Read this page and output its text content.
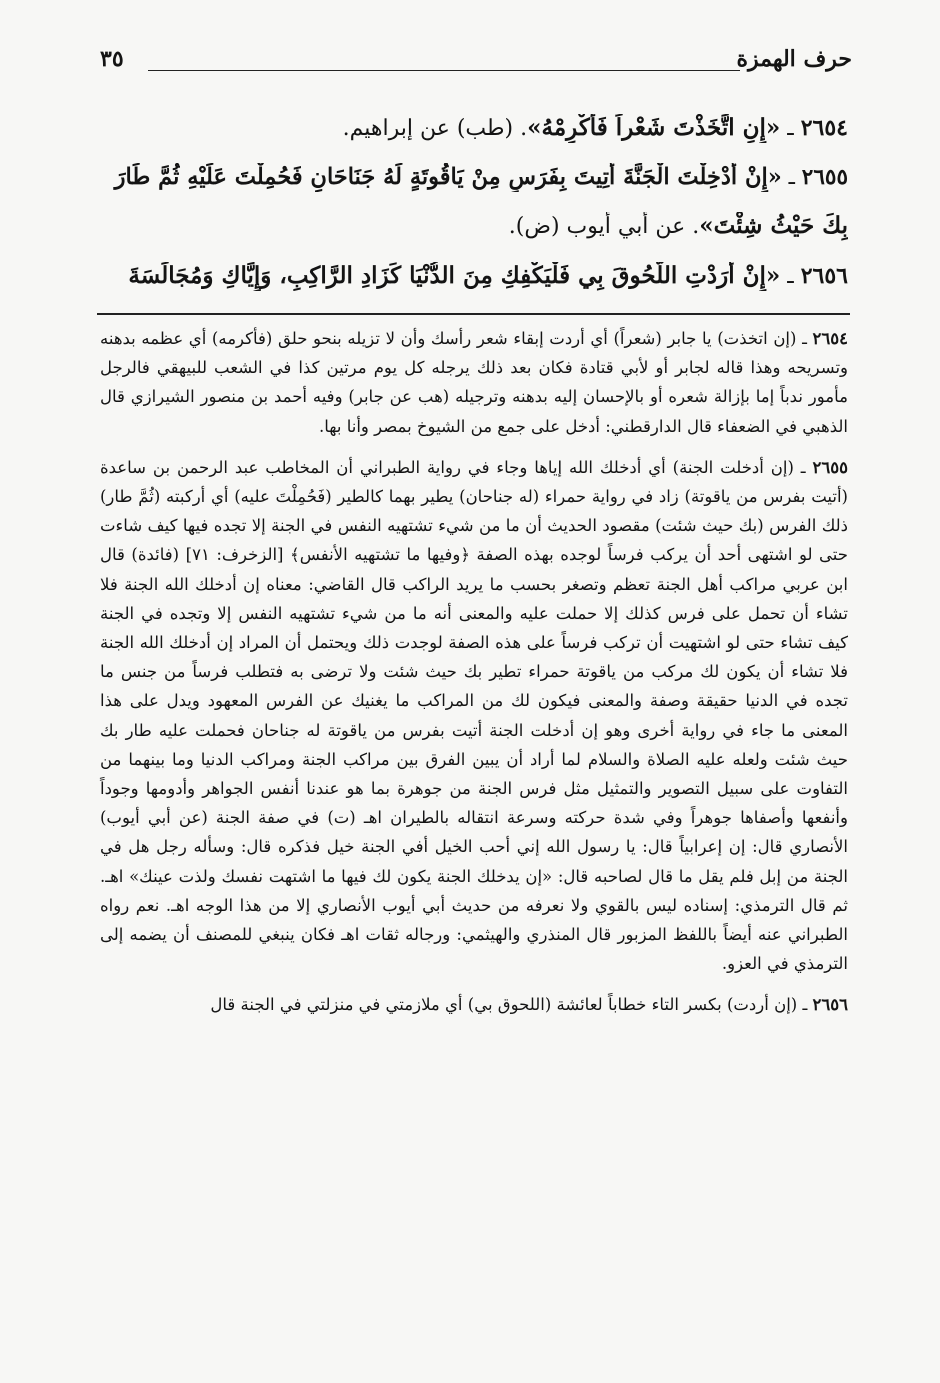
حرف الهمزة
٣٥
٢٦٥٤ ـ «إِنِ اتَّخَذْتَ شَعْراً فَأَكْرِمْهُ». (طب) عن إبراهيم.
٢٦٥٥ ـ «إِنْ أُدْخِلْتَ الْجَنَّةَ أُتِيتَ بِفَرَسٍ مِنْ يَاقُوتَةٍ لَهُ جَنَاحَانِ فَحُمِلْتَ عَلَيْهِ ثُمَّ طَارَ
بِكَ حَيْثُ شِئْتَ». عن أبي أيوب (ض).
٢٦٥٦ ـ «إِنْ أَرَدْتِ اللُّحُوقَ بِي فَلْيَكْفِكِ مِنَ الدُّنْيَا كَزَادِ الرَّاكِبِ، وَإِيَّاكِ وَمُجَالَسَةَ

٢٦٥٤ ـ (إن اتخذت) يا جابر (شعراً) أي أردت إبقاء شعر رأسك وأن لا تزيله بنحو حلق (فأكرمه) أي عظمه بدهنه وتسريحه وهذا قاله لجابر أو لأبي قتادة فكان بعد ذلك يرجله كل يوم مرتين كذا في الشعب للبيهقي فالرجل مأمور ندباً إما بإزالة شعره أو بالإحسان إليه بدهنه وترجيله (هب عن جابر) وفيه أحمد بن منصور الشيرازي قال الذهبي في الضعفاء قال الدارقطني: أدخل على جمع من الشيوخ بمصر وأنا بها.

٢٦٥٥ ـ (إن أدخلت الجنة) أي أدخلك الله إياها وجاء في رواية الطبراني أن المخاطب عبد الرحمن بن ساعدة (أتيت بفرس من ياقوتة) زاد في رواية حمراء (له جناحان) يطير بهما كالطير (فَحُمِلْتَ عليه) أي أركبته (ثُمَّ طار) ذلك الفرس (بك حيث شئت) مقصود الحديث أن ما من شيء تشتهيه النفس في الجنة إلا تجده فيها كيف شاءت حتى لو اشتهى أحد أن يركب فرساً لوجده بهذه الصفة ﴿وفيها ما تشتهيه الأنفس﴾ [الزخرف: ٧١] (فائدة) قال ابن عربي مراكب أهل الجنة تعظم وتصغر بحسب ما يريد الراكب قال القاضي: معناه إن أدخلك الله الجنة فلا تشاء أن تحمل على فرس كذلك إلا حملت عليه والمعنى أنه ما من شيء تشتهيه النفس إلا وتجده في الجنة كيف تشاء حتى لو اشتهيت أن تركب فرساً على هذه الصفة لوجدت ذلك ويحتمل أن المراد إن أدخلك الله الجنة فلا تشاء أن يكون لك مركب من ياقوتة حمراء تطير بك حيث شئت ولا ترضى به فتطلب فرساً من جنس ما تجده في الدنيا حقيقة وصفة والمعنى فيكون لك من المراكب ما يغنيك عن الفرس المعهود ويدل على هذا المعنى ما جاء في رواية أخرى وهو إن أدخلت الجنة أتيت بفرس من ياقوتة له جناحان فحملت عليه طار بك حيث شئت ولعله عليه الصلاة والسلام لما أراد أن يبين الفرق بين مراكب الجنة ومراكب الدنيا وما بينهما من التفاوت على سبيل التصوير والتمثيل مثل فرس الجنة من جوهرة بما هو عندنا أنفس الجواهر وأدومها وجوداً وأنفعها وأصفاها جوهراً وفي شدة حركته وسرعة انتقاله بالطيران اهـ (ت) في صفة الجنة (عن أبي أيوب) الأنصاري قال: إن إعرابياً قال: يا رسول الله إني أحب الخيل أفي الجنة خيل فذكره قال: وسأله رجل هل في الجنة من إبل فلم يقل ما قال لصاحبه قال: «إن يدخلك الجنة يكون لك فيها ما اشتهت نفسك ولذت عينك» اهـ. ثم قال الترمذي: إسناده ليس بالقوي ولا نعرفه من حديث أبي أيوب الأنصاري إلا من هذا الوجه اهـ. نعم رواه الطبراني عنه أيضاً باللفظ المزبور قال المنذري والهيثمي: ورجاله ثقات اهـ فكان ينبغي للمصنف أن يضمه إلى الترمذي في العزو.

٢٦٥٦ ـ (إن أردت) بكسر التاء خطاباً لعائشة (اللحوق بي) أي ملازمتي في منزلتي في الجنة قال
